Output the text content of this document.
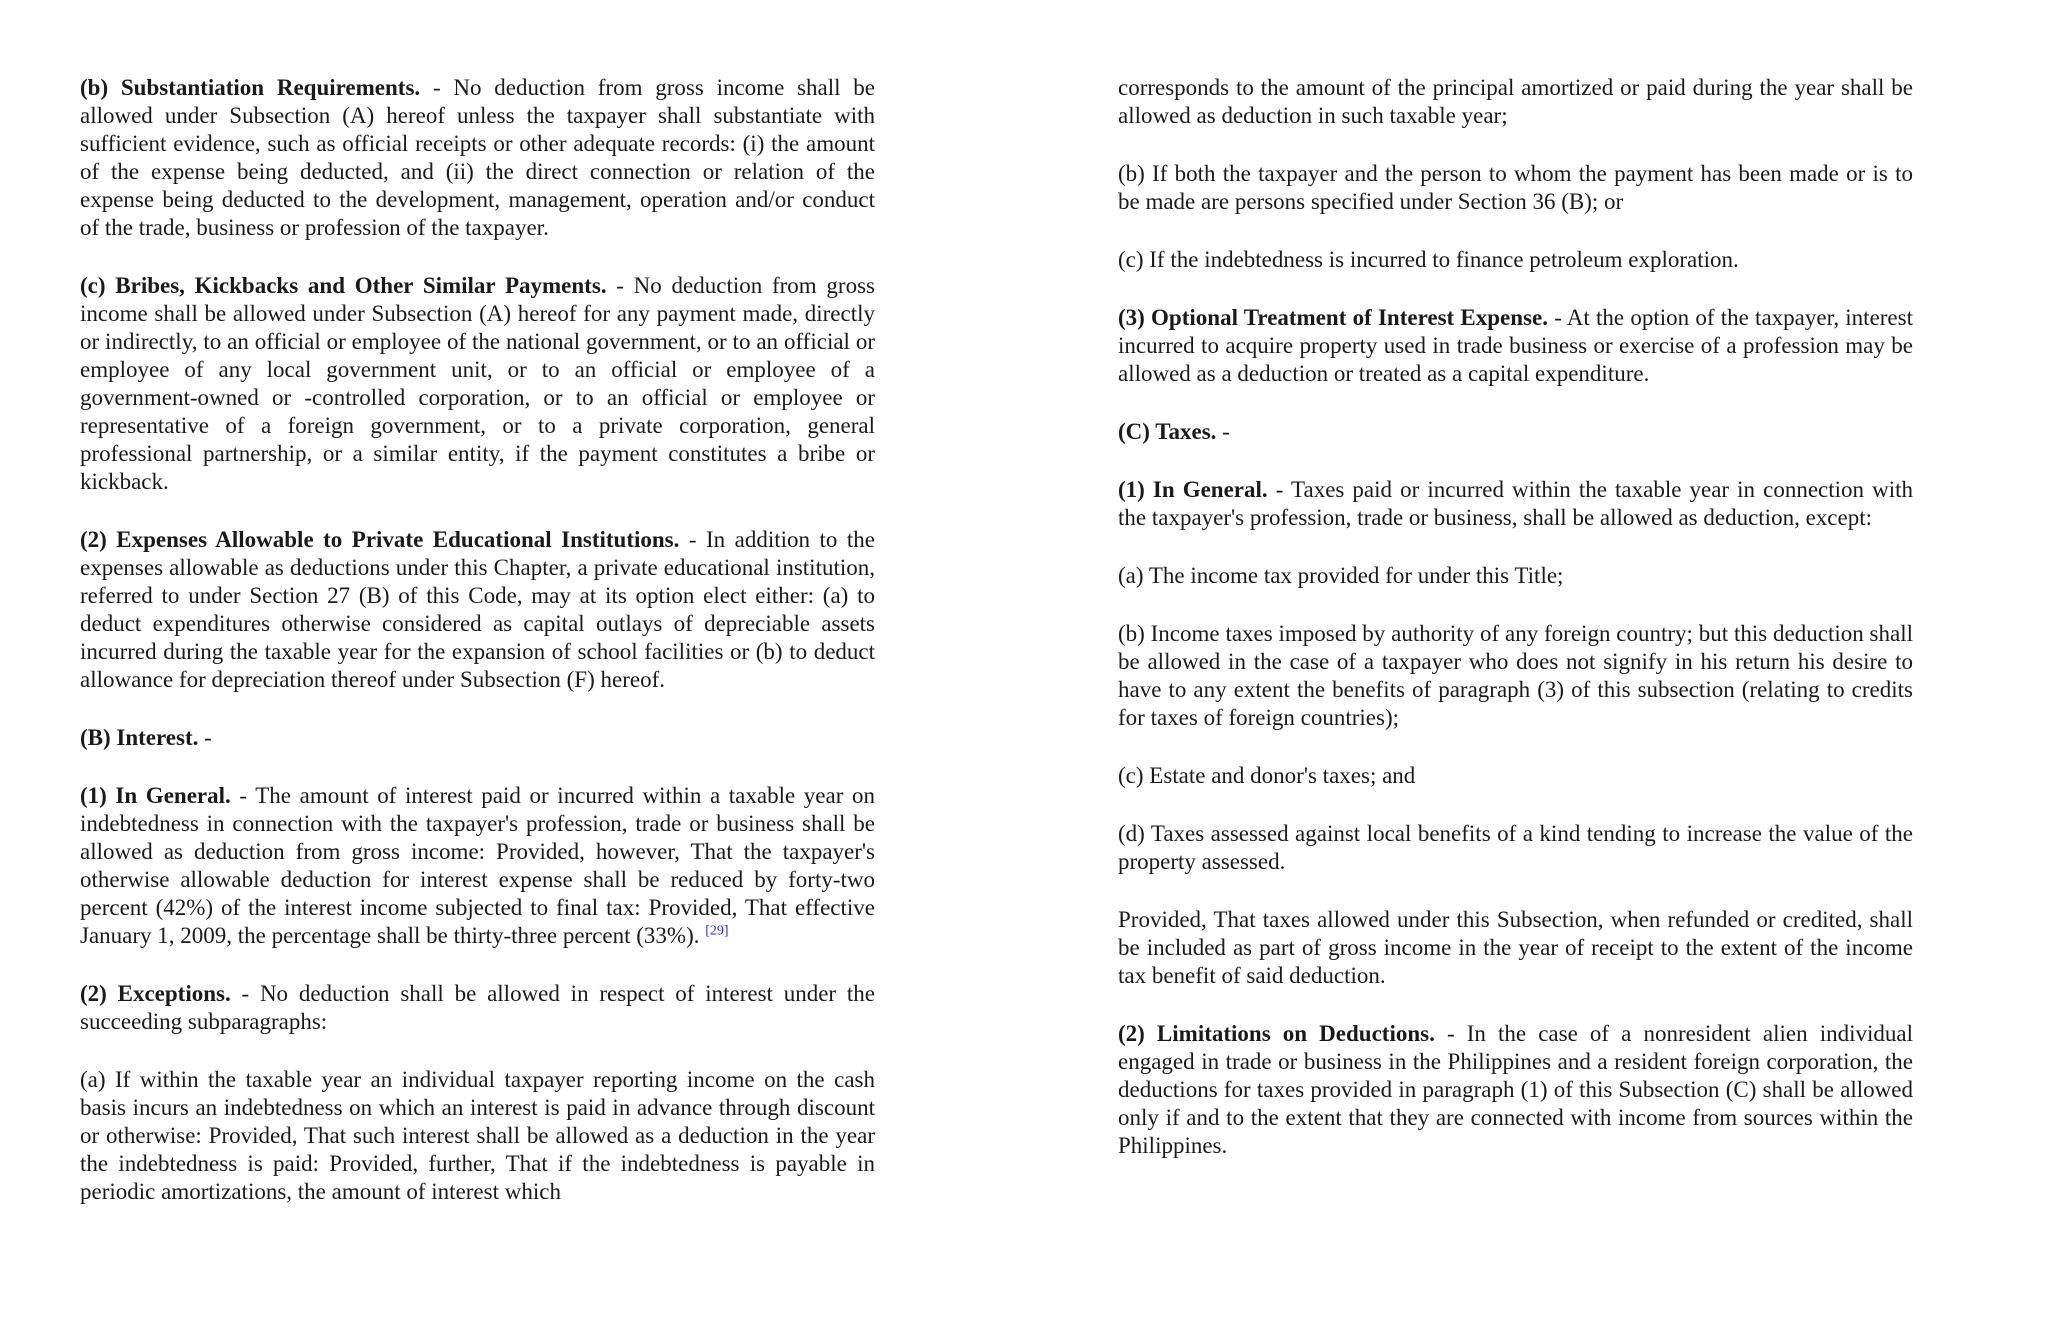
(b) Substantiation Requirements. - No deduction from gross income shall be allowed under Subsection (A) hereof unless the taxpayer shall substantiate with sufficient evidence, such as official receipts or other adequate records: (i) the amount of the expense being deducted, and (ii) the direct connection or relation of the expense being deducted to the development, management, operation and/or conduct of the trade, business or profession of the taxpayer.

(c) Bribes, Kickbacks and Other Similar Payments. - No deduction from gross income shall be allowed under Subsection (A) hereof for any payment made, directly or indirectly, to an official or employee of the national government, or to an official or employee of any local government unit, or to an official or employee of a government-owned or -controlled corporation, or to an official or employee or representative of a foreign government, or to a private corporation, general professional partnership, or a similar entity, if the payment constitutes a bribe or kickback.

(2) Expenses Allowable to Private Educational Institutions. - In addition to the expenses allowable as deductions under this Chapter, a private educational institution, referred to under Section 27 (B) of this Code, may at its option elect either: (a) to deduct expenditures otherwise considered as capital outlays of depreciable assets incurred during the taxable year for the expansion of school facilities or (b) to deduct allowance for depreciation thereof under Subsection (F) hereof.

(B) Interest. -

(1) In General. - The amount of interest paid or incurred within a taxable year on indebtedness in connection with the taxpayer's profession, trade or business shall be allowed as deduction from gross income: Provided, however, That the taxpayer's otherwise allowable deduction for interest expense shall be reduced by forty-two percent (42%) of the interest income subjected to final tax: Provided, That effective January 1, 2009, the percentage shall be thirty-three percent (33%). [29]

(2) Exceptions. - No deduction shall be allowed in respect of interest under the succeeding subparagraphs:

(a) If within the taxable year an individual taxpayer reporting income on the cash basis incurs an indebtedness on which an interest is paid in advance through discount or otherwise: Provided, That such interest shall be allowed as a deduction in the year the indebtedness is paid: Provided, further, That if the indebtedness is payable in periodic amortizations, the amount of interest which

corresponds to the amount of the principal amortized or paid during the year shall be allowed as deduction in such taxable year;

(b) If both the taxpayer and the person to whom the payment has been made or is to be made are persons specified under Section 36 (B); or

(c) If the indebtedness is incurred to finance petroleum exploration.

(3) Optional Treatment of Interest Expense. - At the option of the taxpayer, interest incurred to acquire property used in trade business or exercise of a profession may be allowed as a deduction or treated as a capital expenditure.

(C) Taxes. -

(1) In General. - Taxes paid or incurred within the taxable year in connection with the taxpayer's profession, trade or business, shall be allowed as deduction, except:

(a) The income tax provided for under this Title;

(b) Income taxes imposed by authority of any foreign country; but this deduction shall be allowed in the case of a taxpayer who does not signify in his return his desire to have to any extent the benefits of paragraph (3) of this subsection (relating to credits for taxes of foreign countries);

(c) Estate and donor's taxes; and

(d) Taxes assessed against local benefits of a kind tending to increase the value of the property assessed.

Provided, That taxes allowed under this Subsection, when refunded or credited, shall be included as part of gross income in the year of receipt to the extent of the income tax benefit of said deduction.

(2) Limitations on Deductions. - In the case of a nonresident alien individual engaged in trade or business in the Philippines and a resident foreign corporation, the deductions for taxes provided in paragraph (1) of this Subsection (C) shall be allowed only if and to the extent that they are connected with income from sources within the Philippines.
